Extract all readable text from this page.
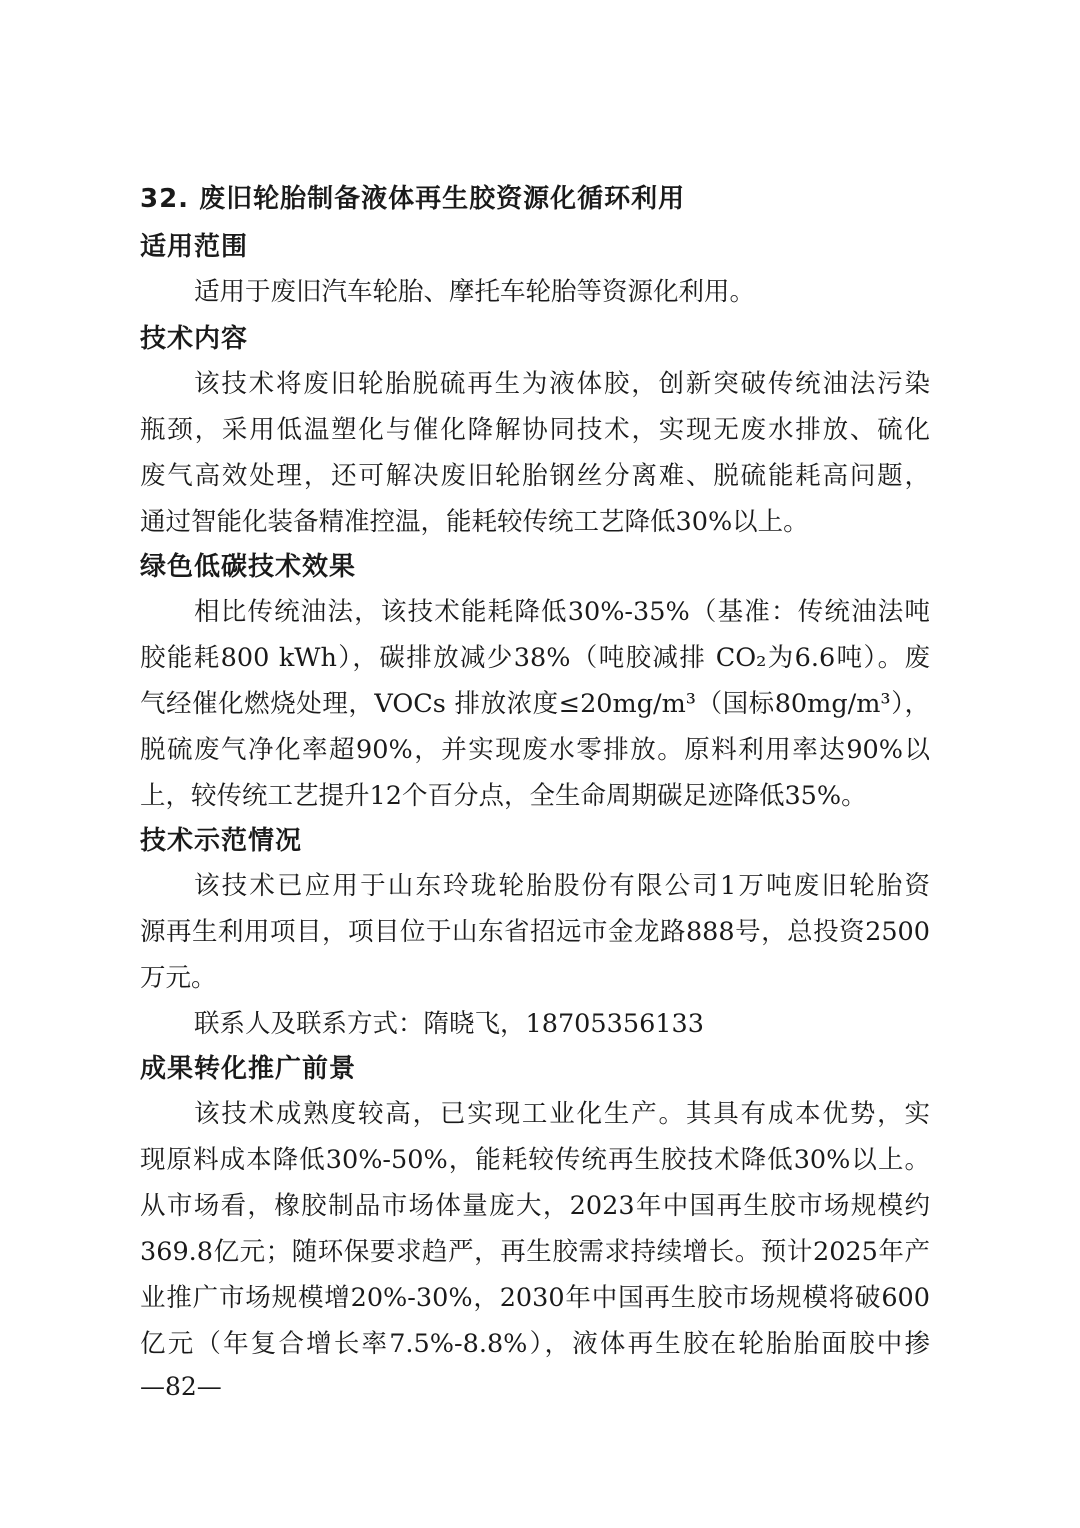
32. 废旧轮胎制备液体再生胶资源化循环利用
适用范围
适用于废旧汽车轮胎、摩托车轮胎等资源化利用。
技术内容
该技术将废旧轮胎脱硫再生为液体胶，创新突破传统油法污染
瓶颈，采用低温塑化与催化降解协同技术，实现无废水排放、硫化
废气高效处理，还可解决废旧轮胎钢丝分离难、脱硫能耗高问题，
通过智能化装备精准控温，能耗较传统工艺降低30%以上。
绿色低碳技术效果
相比传统油法，该技术能耗降低30%-35%（基准：传统油法吨
胶能耗800 kWh），碳排放减少38%（吨胶减排 CO₂为6.6吨）。废
气经催化燃烧处理，VOCs 排放浓度≤20mg/m³（国标80mg/m³），
脱硫废气净化率超90%，并实现废水零排放。原料利用率达90%以
上，较传统工艺提升12个百分点，全生命周期碳足迹降低35%。
技术示范情况
该技术已应用于山东玲珑轮胎股份有限公司1万吨废旧轮胎资
源再生利用项目，项目位于山东省招远市金龙路888号，总投资2500
万元。
联系人及联系方式：隋晓飞，18705356133
成果转化推广前景
该技术成熟度较高，已实现工业化生产。其具有成本优势，实
现原料成本降低30%-50%，能耗较传统再生胶技术降低30%以上。
从市场看，橡胶制品市场体量庞大，2023年中国再生胶市场规模约
369.8亿元；随环保要求趋严，再生胶需求持续增长。预计2025年产
业推广市场规模增20%-30%，2030年中国再生胶市场规模将破600
亿元（年复合增长率7.5%-8.8%），液体再生胶在轮胎胎面胶中掺
—82—
